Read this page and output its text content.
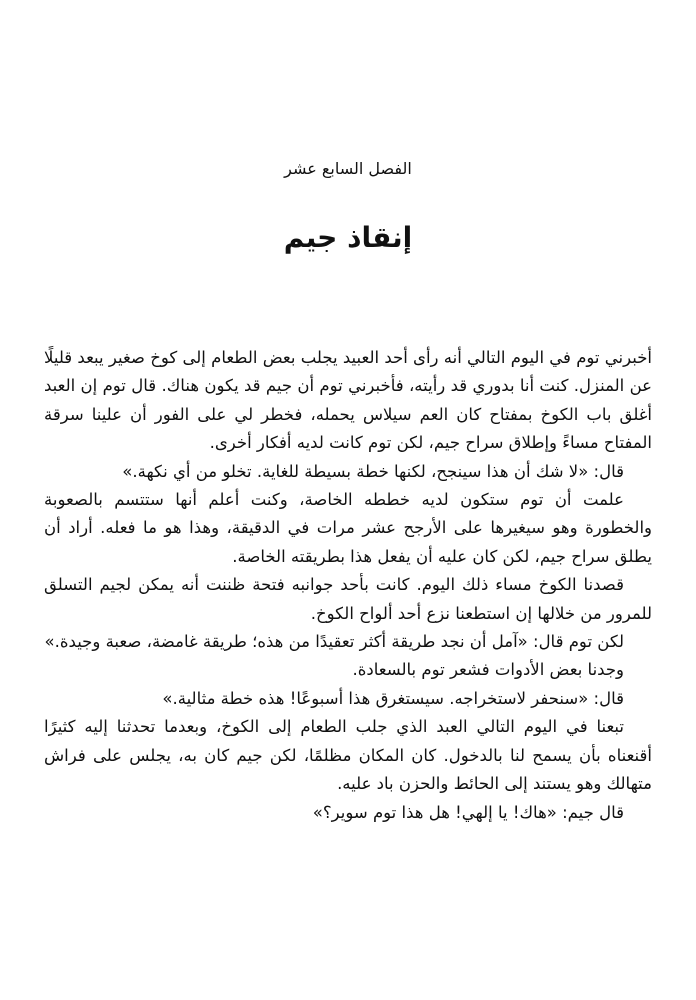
الفصل السابع عشر
إنقاذ جيم

أخبرني توم في اليوم التالي أنه رأى أحد العبيد يجلب بعض الطعام إلى كوخ صغير يبعد قليلًا عن المنزل. كنت أنا بدوري قد رأيته، فأخبرني توم أن جيم قد يكون هناك. قال توم إن العبد أغلق باب الكوخ بمفتاح كان العم سيلاس يحمله، فخطر لي على الفور أن علينا سرقة المفتاح مساءً وإطلاق سراح جيم، لكن توم كانت لديه أفكار أخرى.

قال: «لا شك أن هذا سينجح، لكنها خطة بسيطة للغاية. تخلو من أي نكهة.»

علمت أن توم ستكون لديه خططه الخاصة، وكنت أعلم أنها ستتسم بالصعوبة والخطورة وهو سيغيرها على الأرجح عشر مرات في الدقيقة، وهذا هو ما فعله. أراد أن يطلق سراح جيم، لكن كان عليه أن يفعل هذا بطريقته الخاصة.

قصدنا الكوخ مساء ذلك اليوم. كانت بأحد جوانبه فتحة ظننت أنه يمكن لجيم التسلق للمرور من خلالها إن استطعنا نزع أحد ألواح الكوخ.

لكن توم قال: «آمل أن نجد طريقة أكثر تعقيدًا من هذه؛ طريقة غامضة، صعبة وجيدة.»

وجدنا بعض الأدوات فشعر توم بالسعادة.

قال: «سنحفر لاستخراجه. سيستغرق هذا أسبوعًا! هذه خطة مثالية.»

تبعنا في اليوم التالي العبد الذي جلب الطعام إلى الكوخ، وبعدما تحدثنا إليه كثيرًا أقنعناه بأن يسمح لنا بالدخول. كان المكان مظلمًا، لكن جيم كان به، يجلس على فراش متهالك وهو يستند إلى الحائط والحزن باد عليه.

قال جيم: «هاك! يا إلهي! هل هذا توم سوير؟»
